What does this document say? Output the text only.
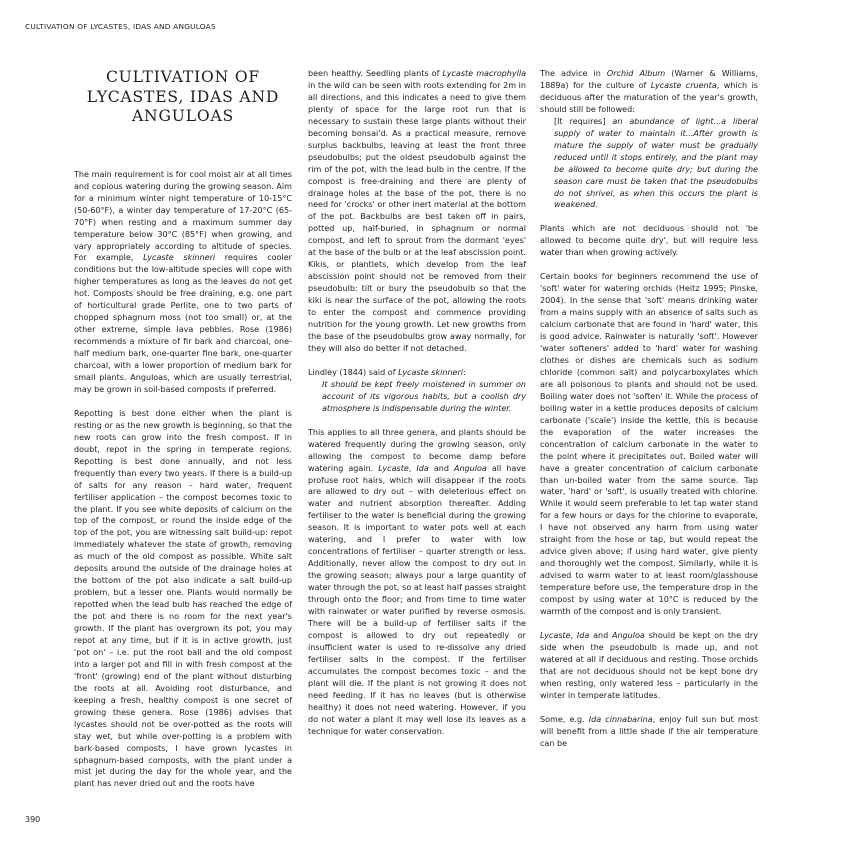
CULTIVATION OF LYCASTES, IDAS AND ANGULOAS
CULTIVATION OF
LYCASTES, IDAS AND
ANGULOAS

The main requirement is for cool moist air at all times and copious watering during the growing season. Aim for a minimum winter night temperature of 10-15°C (50-60°F), a winter day temperature of 17-20°C (65-70°F) when resting and a maximum summer day temperature below 30°C (85°F) when growing, and vary appropriately according to altitude of species. For example, Lycaste skinneri requires cooler conditions but the low-altitude species will cope with higher temperatures as long as the leaves do not get hot. Composts should be free draining, e.g. one part of horticultural grade Perlite, one to two parts of chopped sphagnum moss (not too small) or, at the other extreme, simple lava pebbles. Rose (1986) recommends a mixture of fir bark and charcoal, one-half medium bark, one-quarter fine bark, one-quarter charcoal, with a lower proportion of medium bark for small plants. Anguloas, which are usually terrestrial, may be grown in soil-based composts if preferred.

Repotting is best done either when the plant is resting or as the new growth is beginning, so that the new roots can grow into the fresh compost. If in doubt, repot in the spring in temperate regions. Repotting is best done annually, and not less frequently than every two years. If there is a build-up of salts for any reason – hard water, frequent fertiliser application – the compost becomes toxic to the plant. If you see white deposits of calcium on the top of the compost, or round the inside edge of the top of the pot, you are witnessing salt build-up: repot immediately whatever the state of growth, removing as much of the old compost as possible. White salt deposits around the outside of the drainage holes at the bottom of the pot also indicate a salt build-up problem, but a lesser one. Plants would normally be repotted when the lead bulb has reached the edge of the pot and there is no room for the next year's growth. If the plant has overgrown its pot, you may repot at any time, but if it is in active growth, just 'pot on' – i.e. put the root ball and the old compost into a larger pot and fill in with fresh compost at the 'front' (growing) end of the plant without disturbing the roots at all. Avoiding root disturbance, and keeping a fresh, healthy compost is one secret of growing these genera. Rose (1986) advises that lycastes should not be over-potted as the roots will stay wet, but while over-potting is a problem with bark-based composts, I have grown lycastes in sphagnum-based composts, with the plant under a mist jet during the day for the whole year, and the plant has never dried out and the roots have

been healthy. Seedling plants of Lycaste macrophylla in the wild can be seen with roots extending for 2m in all directions, and this indicates a need to give them plenty of space for the large root run that is necessary to sustain these large plants without their becoming bonsai'd. As a practical measure, remove surplus backbulbs, leaving at least the front three pseudobulbs; put the oldest pseudobulb against the rim of the pot, with the lead bulb in the centre. If the compost is free-draining and there are plenty of drainage holes at the base of the pot, there is no need for 'crocks' or other inert material at the bottom of the pot. Backbulbs are best taken off in pairs, potted up, half-buried, in sphagnum or normal compost, and left to sprout from the dormant 'eyes' at the base of the bulb or at the leaf abscission point. Kikis, or plantlets, which develop from the leaf abscission point should not be removed from their pseudobulb: tilt or bury the pseudobulb so that the kiki is near the surface of the pot, allowing the roots to enter the compost and commence providing nutrition for the young growth. Let new growths from the base of the pseudobulbs grow away normally, for they will also do better if not detached.

Lindley (1844) said of Lycaste skinneri:

It should be kept freely moistened in summer on account of its vigorous habits, but a coolish dry atmosphere is indispensable during the winter.

This applies to all three genera, and plants should be watered frequently during the growing season, only allowing the compost to become damp before watering again. Lycaste, Ida and Anguloa all have profuse root hairs, which will disappear if the roots are allowed to dry out – with deleterious effect on water and nutrient absorption thereafter. Adding fertiliser to the water is beneficial during the growing season. It is important to water pots well at each watering, and I prefer to water with low concentrations of fertiliser – quarter strength or less. Additionally, never allow the compost to dry out in the growing season; always pour a large quantity of water through the pot, so at least half passes straight through onto the floor; and from time to time water with rainwater or water purified by reverse osmosis. There will be a build-up of fertiliser salts if the compost is allowed to dry out repeatedly or insufficient water is used to re-dissolve any dried fertiliser salts in the compost. If the fertiliser accumulates the compost becomes toxic – and the plant will die. If the plant is not growing it does not need feeding. If it has no leaves (but is otherwise healthy) it does not need watering. However, if you do not water a plant it may well lose its leaves as a technique for water conservation.

The advice in Orchid Album (Warner & Williams, 1889a) for the culture of Lycaste cruenta, which is deciduous after the maturation of the year's growth, should still be followed:

[It requires] an abundance of light...a liberal supply of water to maintain it...After growth is mature the supply of water must be gradually reduced until it stops entirely, and the plant may be allowed to become quite dry; but during the season care must be taken that the pseudobulbs do not shrivel, as when this occurs the plant is weakened.

Plants which are not deciduous should not 'be allowed to become quite dry', but will require less water than when growing actively.

Certain books for beginners recommend the use of 'soft' water for watering orchids (Heitz 1995; Pinske, 2004). In the sense that 'soft' means drinking water from a mains supply with an absence of salts such as calcium carbonate that are found in 'hard' water, this is good advice. Rainwater is naturally 'soft'. However 'water softeners' added to 'hard' water for washing clothes or dishes are chemicals such as sodium chloride (common salt) and polycarboxylates which are all poisonous to plants and should not be used. Boiling water does not 'soften' it. While the process of boiling water in a kettle produces deposits of calcium carbonate ('scale') inside the kettle, this is because the evaporation of the water increases the concentration of calcium carbonate in the water to the point where it precipitates out. Boiled water will have a greater concentration of calcium carbonate than un-boiled water from the same source. Tap water, 'hard' or 'soft', is usually treated with chlorine. While it would seem preferable to let tap water stand for a few hours or days for the chlorine to evaporate, I have not observed any harm from using water straight from the hose or tap, but would repeat the advice given above; if using hard water, give plenty and thoroughly wet the compost. Similarly, while it is advised to warm water to at least room/glasshouse temperature before use, the temperature drop in the compost by using water at 10°C is reduced by the warmth of the compost and is only transient.

Lycaste, Ida and Anguloa should be kept on the dry side when the pseudobulb is made up, and not watered at all if deciduous and resting. Those orchids that are not deciduous should not be kept bone dry when resting, only watered less – particularly in the winter in temperate latitudes.

Some, e.g. Ida cinnabarina, enjoy full sun but most will benefit from a little shade if the air temperature can be

390
